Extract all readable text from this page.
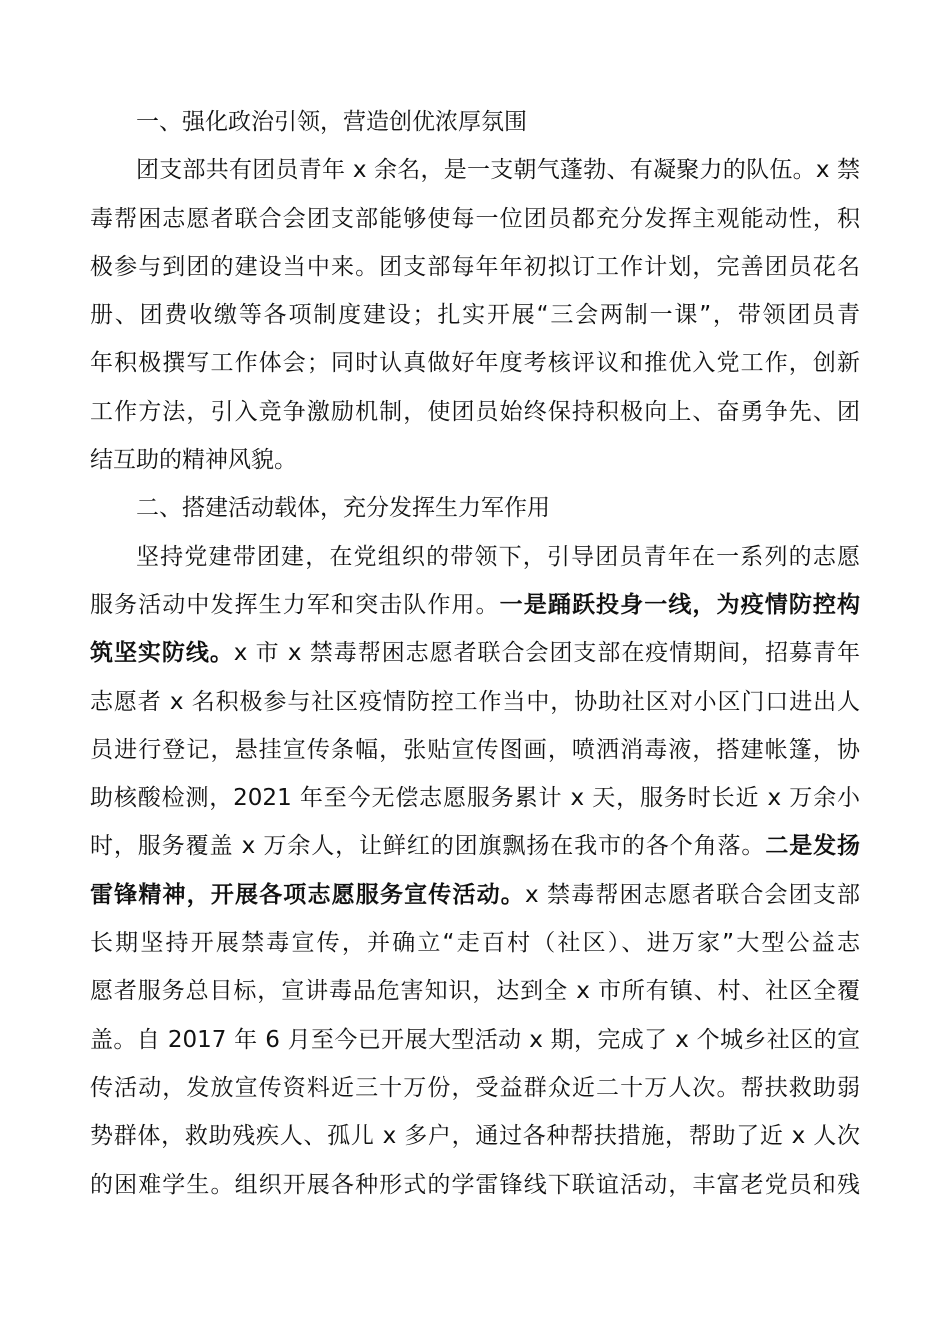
一、强化政治引领，营造创优浓厚氛围
团支部共有团员青年 x 余名，是一支朝气蓬勃、有凝聚力的队伍。x 禁
毒帮困志愿者联合会团支部能够使每一位团员都充分发挥主观能动性，积
极参与到团的建设当中来。团支部每年年初拟订工作计划，完善团员花名
册、团费收缴等各项制度建设；扎实开展“三会两制一课”，带领团员青
年积极撰写工作体会；同时认真做好年度考核评议和推优入党工作，创新
工作方法，引入竞争激励机制，使团员始终保持积极向上、奋勇争先、团
结互助的精神风貌。
二、搭建活动载体，充分发挥生力军作用
坚持党建带团建，在党组织的带领下，引导团员青年在一系列的志愿
服务活动中发挥生力军和突击队作用。一是踊跃投身一线，为疫情防控构
筑坚实防线。x 市 x 禁毒帮困志愿者联合会团支部在疫情期间，招募青年
志愿者 x 名积极参与社区疫情防控工作当中，协助社区对小区门口进出人
员进行登记，悬挂宣传条幅，张贴宣传图画，喷洒消毒液，搭建帐篷，协
助核酸检测，2021 年至今无偿志愿服务累计 x 天，服务时长近 x 万余小
时，服务覆盖 x 万余人，让鲜红的团旗飘扬在我市的各个角落。二是发扬
雷锋精神，开展各项志愿服务宣传活动。x 禁毒帮困志愿者联合会团支部
长期坚持开展禁毒宣传，并确立“走百村（社区）、进万家”大型公益志
愿者服务总目标，宣讲毒品危害知识，达到全 x 市所有镇、村、社区全覆
盖。自 2017 年 6 月至今已开展大型活动 x 期，完成了 x 个城乡社区的宣
传活动，发放宣传资料近三十万份，受益群众近二十万人次。帮扶救助弱
势群体，救助残疾人、孤儿 x 多户，通过各种帮扶措施，帮助了近 x 人次
的困难学生。组织开展各种形式的学雷锋线下联谊活动，丰富老党员和残
